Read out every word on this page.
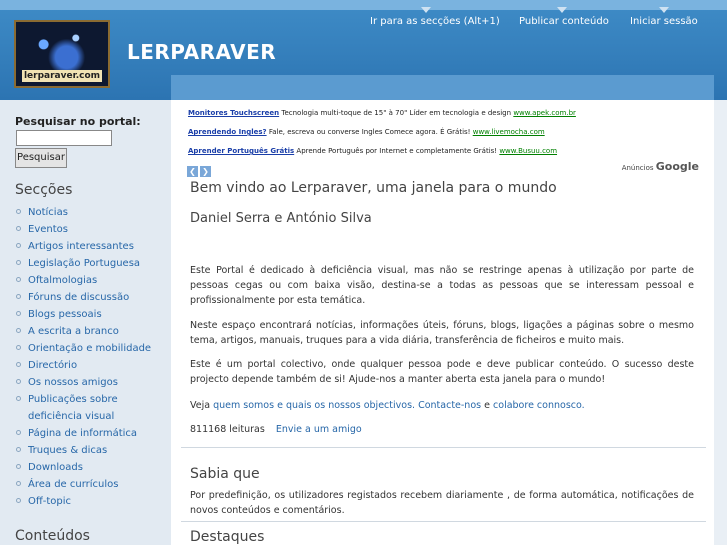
lerparaver.com
LERPARAVER
Ir para as secções (Alt+1) Publicar conteúdo Iniciar sessão
Pesquisar no portal:
Pesquisar
Secções
Notícias
Eventos
Artigos interessantes
Legislação Portuguesa
Oftalmologias
Fóruns de discussão
Blogs pessoais
A escrita a branco
Orientação e mobilidade
Directório
Os nossos amigos
Publicações sobre deficiência visual
Página de informática
Truques & dicas
Downloads
Área de currículos
Off-topic
Conteúdos
Monitores Touchscreen Tecnologia multi-toque de 15" à 70" Líder em tecnologia e design www.apek.com.br
Aprendendo Ingles? Fale, escreva ou converse Ingles Comece agora. É Grátis! www.livemocha.com
Aprender Português Grátis Aprende Português por Internet e completamente Grátis! www.Busuu.com
❮ ❯	Anúncios Google
Bem vindo ao Lerparaver, uma janela para o mundo
Daniel Serra e António Silva
Este Portal é dedicado à deficiência visual, mas não se restringe apenas à utilização por parte de pessoas cegas ou com baixa visão, destina-se a todas as pessoas que se interessam pessoal e profissionalmente por esta temática.
Neste espaço encontrará notícias, informações úteis, fóruns, blogs, ligações a páginas sobre o mesmo tema, artigos, manuais, truques para a vida diária, transferência de ficheiros e muito mais.
Este é um portal colectivo, onde qualquer pessoa pode e deve publicar conteúdo. O sucesso deste projecto depende também de si! Ajude-nos a manter aberta esta janela para o mundo!
Veja quem somos e quais os nossos objectivos. Contacte-nos e colabore connosco.
811168 leituras Envie a um amigo
Sabia que
Por predefinição, os utilizadores registados recebem diariamente , de forma automática, notificações de novos conteúdos e comentários.
Destaques
